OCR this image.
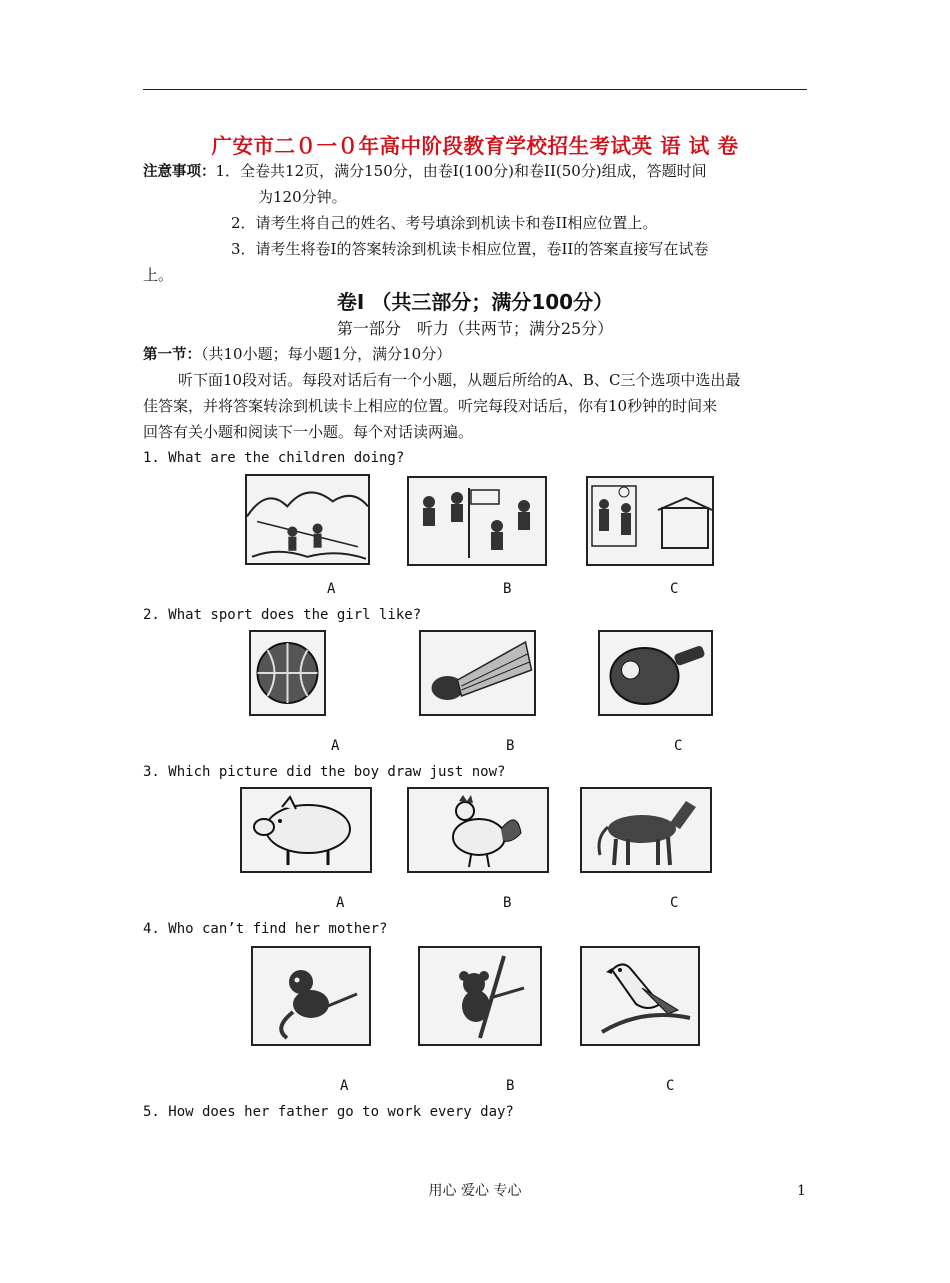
广安市二０一０年高中阶段教育学校招生考试英 语 试 卷
注意事项：1．全卷共12页，满分150分，由卷Ⅰ(100分)和卷II(50分)组成，答题时间
为120分钟。
2．请考生将自己的姓名、考号填涂到机读卡和卷II相应位置上。
3．请考生将卷Ⅰ的答案转涂到机读卡相应位置，卷II的答案直接写在试卷
上。
卷Ⅰ （共三部分；满分100分）
第一部分　听力（共两节；满分25分）
第一节：（共10小题；每小题1分，满分10分）
听下面10段对话。每段对话后有一个小题，从题后所给的A、B、C三个选项中选出最
佳答案，并将答案转涂到机读卡上相应的位置。听完每段对话后，你有10秒钟的时间来
回答有关小题和阅读下一小题。每个对话读两遍。
1. What are the children doing?
A	B	C
2. What sport does the girl like?
A	B	C
3. Which picture did the boy draw just now?
A	B	C
4. Who can’t find her mother?
A	B	C
5. How does her father go to work every day?
用心 爱心 专心	1
